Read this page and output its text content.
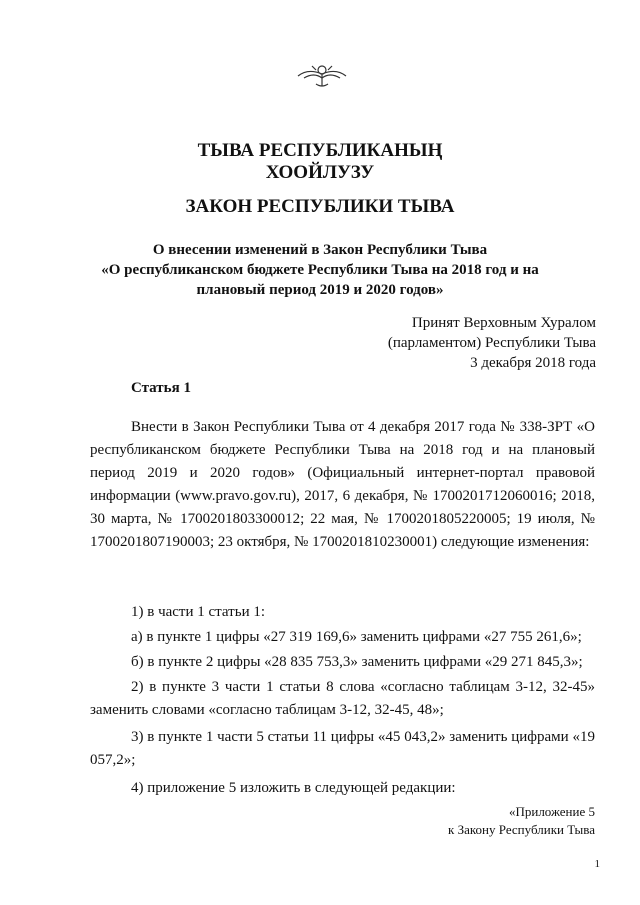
ТЫВА РЕСПУБЛИКАНЫҢ
ХООЙЛУЗУ
ЗАКОН РЕСПУБЛИКИ ТЫВА
О внесении изменений в Закон Республики Тыва
«О республиканском бюджете Республики Тыва на 2018 год и на
плановый период 2019 и 2020 годов»
Принят Верховным Хуралом
(парламентом) Республики Тыва
3 декабря 2018 года
Статья 1
Внести в Закон Республики Тыва от 4 декабря 2017 года № 338-ЗРТ «О республиканском бюджете Республики Тыва на 2018 год и на плановый период 2019 и 2020 годов» (Официальный интернет-портал правовой информации (www.pravo.gov.ru), 2017, 6 декабря, № 1700201712060016; 2018, 30 марта, № 1700201803300012; 22 мая, № 1700201805220005; 19 июля, № 1700201807190003; 23 октября, № 1700201810230001) следующие изменения:
1) в части 1 статьи 1:
а) в пункте 1 цифры «27 319 169,6» заменить цифрами «27 755 261,6»;
б) в пункте 2 цифры «28 835 753,3» заменить цифрами «29 271 845,3»;
2) в пункте 3 части 1 статьи 8 слова «согласно таблицам 3-12, 32-45» заменить словами «согласно таблицам 3-12, 32-45, 48»;
3) в пункте 1 части 5 статьи 11 цифры «45 043,2» заменить цифрами «19 057,2»;
4) приложение 5 изложить в следующей редакции:
«Приложение 5
к Закону Республики Тыва
1
